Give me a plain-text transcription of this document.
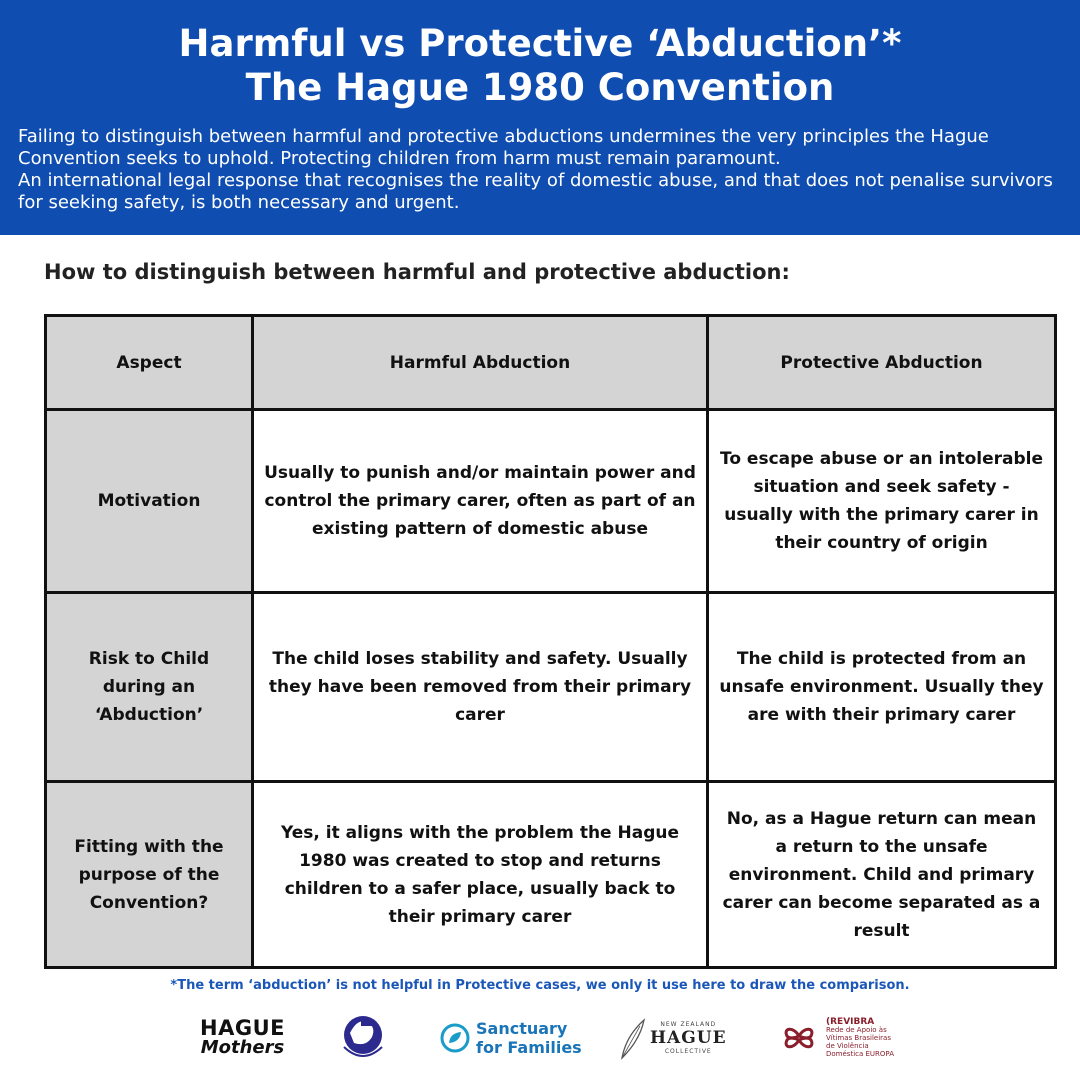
Harmful vs Protective ‘Abduction’*
The Hague 1980 Convention

Failing to distinguish between harmful and protective abductions undermines the very principles the Hague Convention seeks to uphold. Protecting children from harm must remain paramount.

An international legal response that recognises the reality of domestic abuse, and that does not penalise survivors for seeking safety, is both necessary and urgent.

How to distinguish between harmful and protective abduction:
Aspect	Harmful Abduction	Protective Abduction
Motivation	Usually to punish and/or maintain power and control the primary carer, often as part of an existing pattern of domestic abuse	To escape abuse or an intolerable situation and seek safety - usually with the primary carer in their country of origin
Risk to Child during an ‘Abduction’	The child loses stability and safety. Usually they have been removed from their primary carer	The child is protected from an unsafe environment. Usually they are with their primary carer
Fitting with the purpose of the Convention?	Yes, it aligns with the problem the Hague 1980 was created to stop and returns children to a safer place, usually back to their primary carer	No, as a Hague return can mean a return to the unsafe environment. Child and primary carer can become separated as a result
*The term ‘abduction’ is not helpful in Protective cases, we only it use here to draw the comparison.
HAGUE
Mothers
Sanctuary
for Families
NEW ZEALAND
HAGUE
COLLECTIVE
(REVIBRA
Rede de Apoio às Vítimas Brasileiras de Violência Doméstica EUROPA
